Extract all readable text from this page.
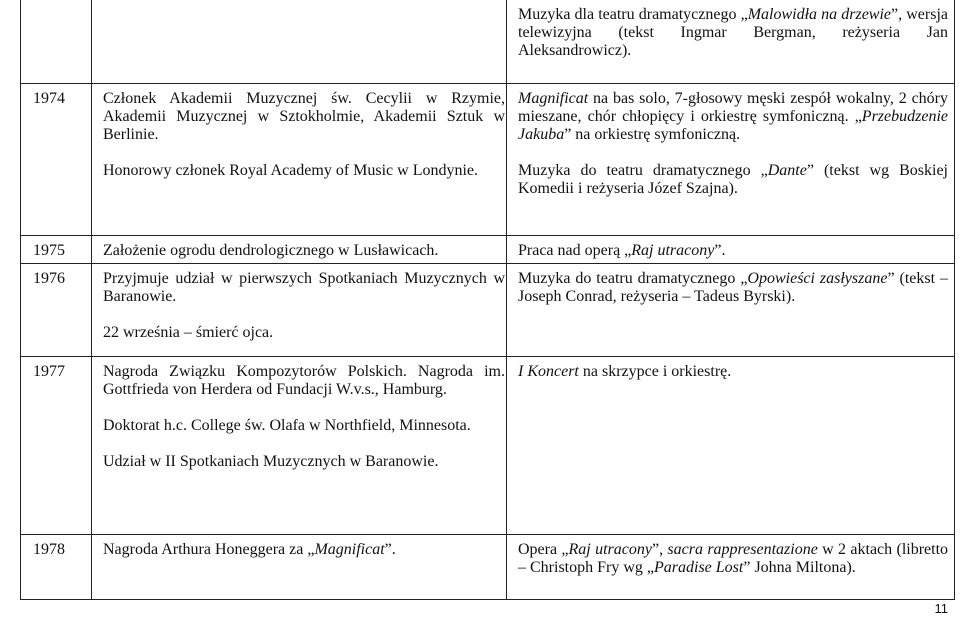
Muzyka dla teatru dramatycznego „Malowidła na drzewie”, wersja telewizyjna (tekst Ingmar Bergman, reżyseria Jan Aleksandrowicz).

1974 Członek Akademii Muzycznej św. Cecylii w Rzymie, Akademii Muzycznej w Sztokholmie, Akademii Sztuk w Berlinie.

Honorowy członek Royal Academy of Music w Londynie.

Magnificat na bas solo, 7-głosowy męski zespół wokalny, 2 chóry mieszane, chór chłopięcy i orkiestrę symfoniczną. „Przebudzenie Jakuba” na orkiestrę symfoniczną.

Muzyka do teatru dramatycznego „Dante” (tekst wg Boskiej Komedii i reżyseria Józef Szajna).

1975 Założenie ogrodu dendrologicznego w Lusławicach.	Praca nad operą „Raj utracony”.

1976 Przyjmuje udział w pierwszych Spotkaniach Muzycznych w Baranowie.

22 września – śmierć ojca.

Muzyka do teatru dramatycznego „Opowieści zasłyszane” (tekst – Joseph Conrad, reżyseria – Tadeus Byrski).

1977 Nagroda Związku Kompozytorów Polskich. Nagroda im. Gottfrieda von Herdera od Fundacji W.v.s., Hamburg.

Doktorat h.c. College św. Olafa w Northfield, Minnesota.

Udział w II Spotkaniach Muzycznych w Baranowie.

I Koncert na skrzypce i orkiestrę.

1978 Nagroda Arthura Honeggera za „Magnificat”.	Opera „Raj utracony”, sacra rappresentazione w 2 aktach (libretto – Christoph Fry wg „Paradise Lost” Johna Miltona).

11
